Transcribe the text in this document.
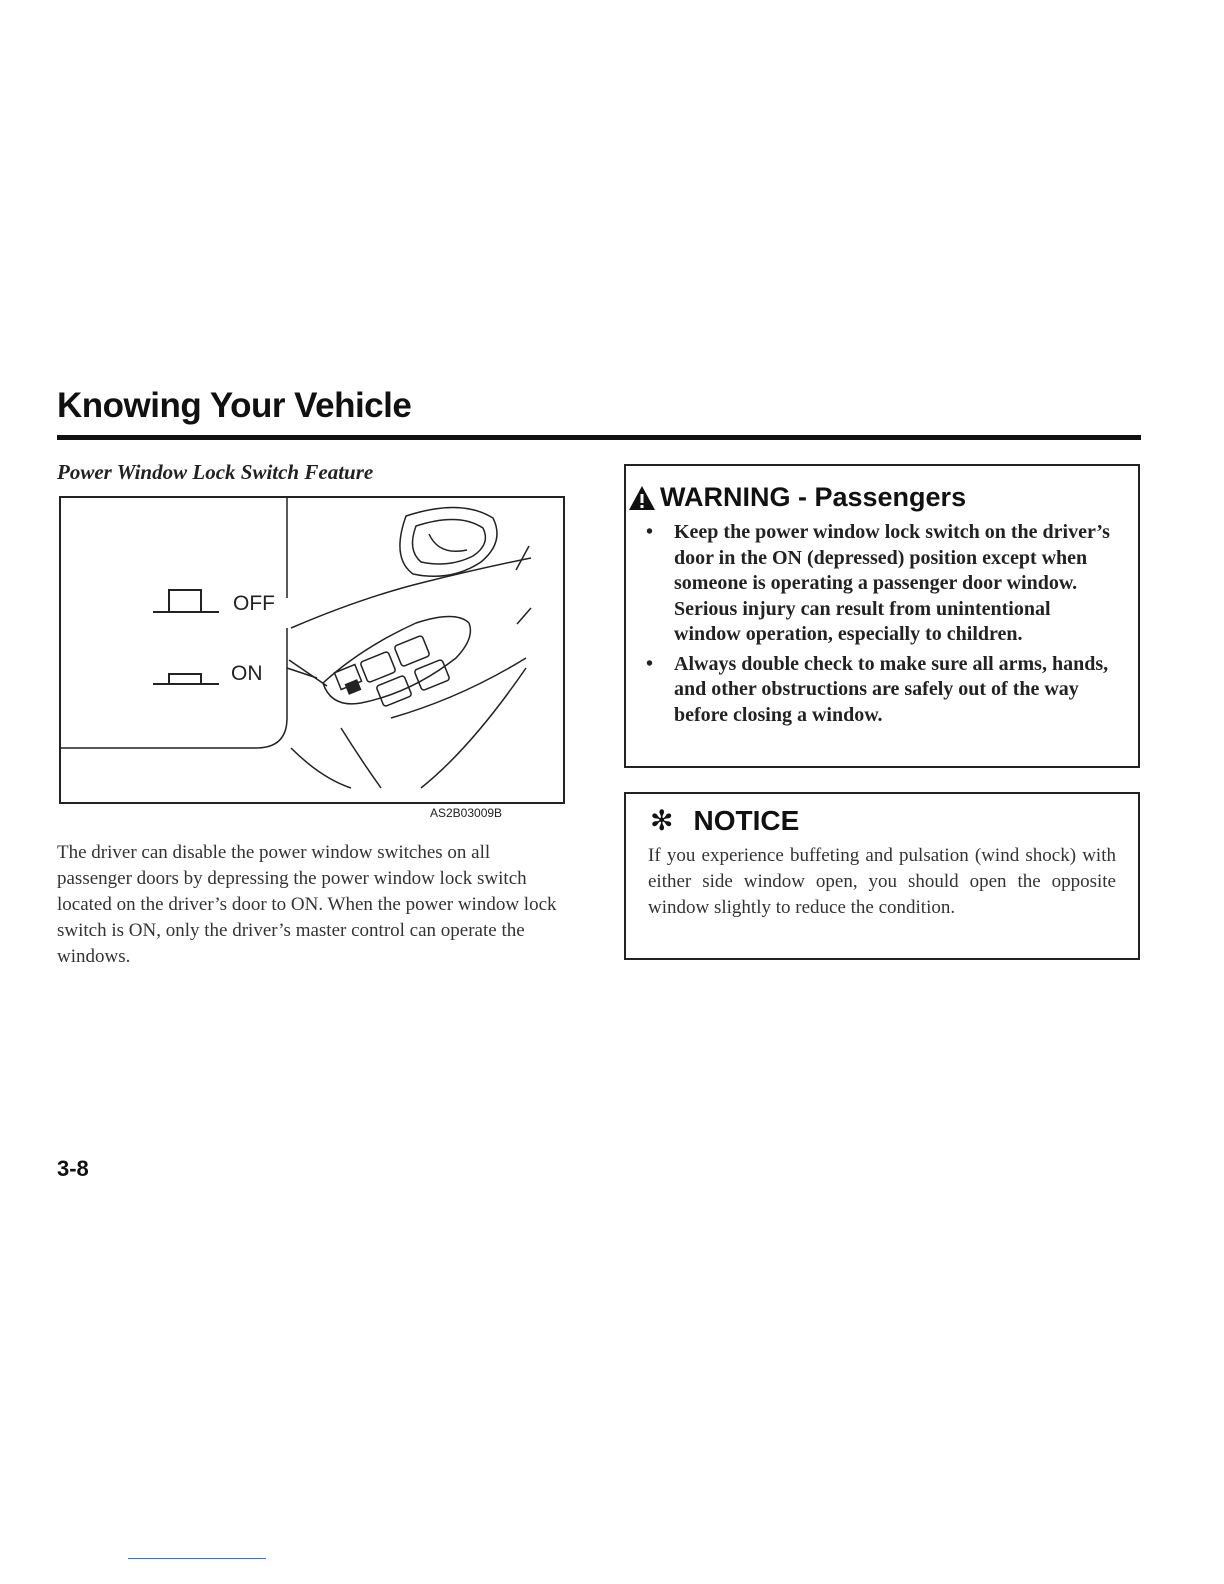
Knowing Your Vehicle
Power Window Lock Switch Feature
OFF
ON
AS2B03009B

The driver can disable the power window switches on all passenger doors by depressing the power window lock switch located on the driver’s door to ON. When the power window lock switch is ON, only the driver’s master control can operate the windows.

WARNING - Passengers
• Keep the power window lock switch on the driver’s door in the ON (depressed) position except when someone is operating a passenger door window. Serious injury can result from unintentional window operation, especially to children.
• Always double check to make sure all arms, hands, and other obstructions are safely out of the way before closing a window.
✻ NOTICE

If you experience buffeting and pulsation (wind shock) with either side window open, you should open the opposite window slightly to reduce the condition.

3-8
